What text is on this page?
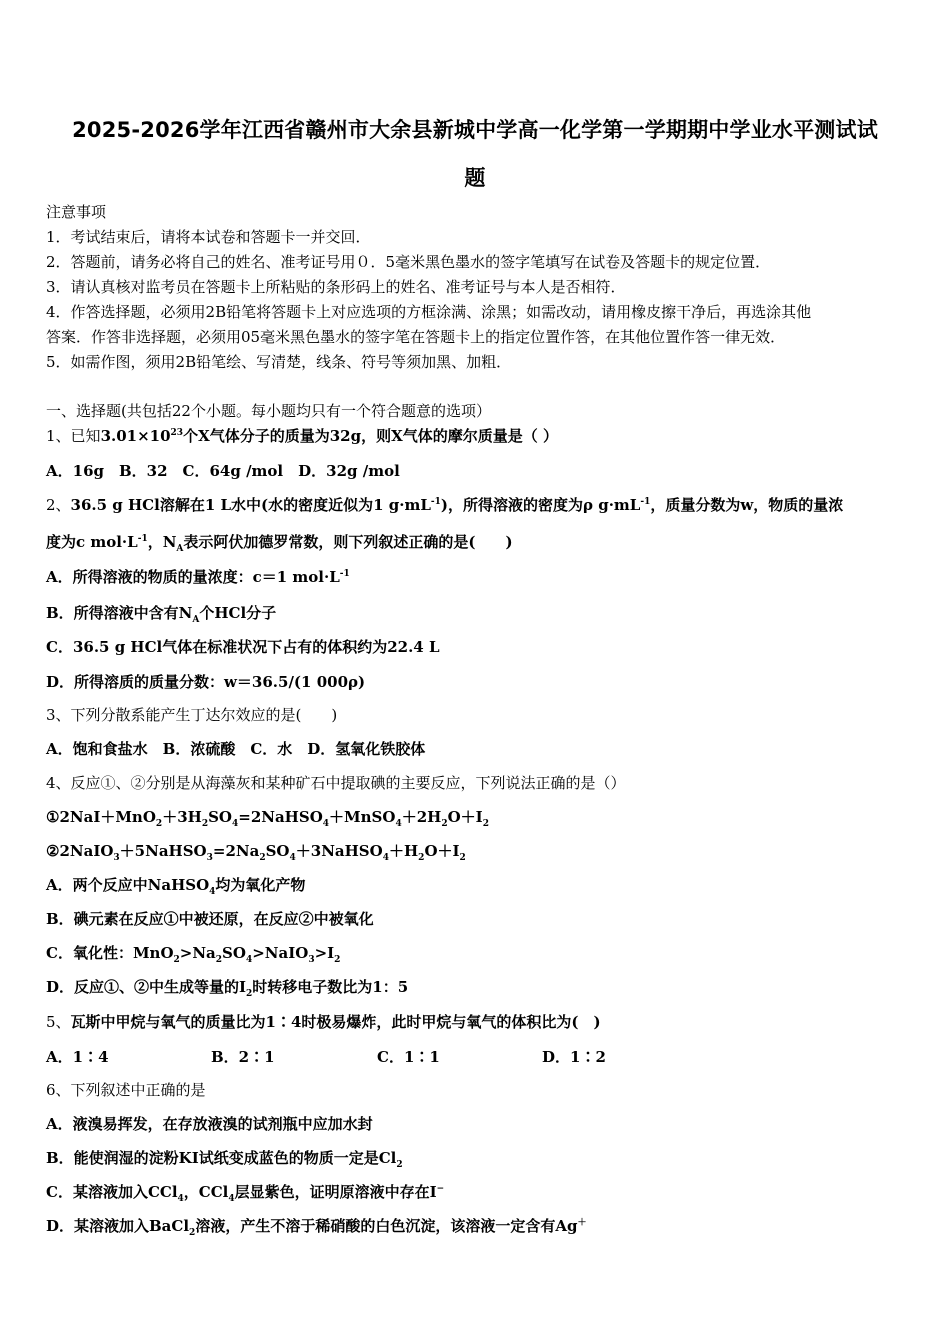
2025-2026学年江西省赣州市大余县新城中学高一化学第一学期期中学业水平测试试
题
注意事项
1．考试结束后，请将本试卷和答题卡一并交回．
2．答题前，请务必将自己的姓名、准考证号用０．5毫米黑色墨水的签字笔填写在试卷及答题卡的规定位置．
3．请认真核对监考员在答题卡上所粘贴的条形码上的姓名、准考证号与本人是否相符．
4．作答选择题，必须用2B铅笔将答题卡上对应选项的方框涂满、涂黑；如需改动，请用橡皮擦干净后，再选涂其他
答案．作答非选择题，必须用05毫米黑色墨水的签字笔在答题卡上的指定位置作答，在其他位置作答一律无效．
5．如需作图，须用2B铅笔绘、写清楚，线条、符号等须加黑、加粗．
一、选择题(共包括22个小题。每小题均只有一个符合题意的选项）
1、已知$3.01\times 10^{23}$个X气体分子的质量为32g，则X气体的摩尔质量是（ ）
A．16g　B．32　C．64g /mol　D．32g /mol
2、36.5 g HCl溶解在1 L水中(水的密度近似为1 $g\cdot mL^{-1}$)，所得溶液的密度为ρ $g\cdot mL^{-1}$，质量分数为w，物质的量浓
度为c $mol\cdot L^{-1}$，$N_A$表示阿伏加德罗常数，则下列叙述正确的是(　　)
A．所得溶液的物质的量浓度：c＝1 $mol\cdot L^{-1}$
B．所得溶液中含有$N_A$个HCl分子
C．36.5 g HCl气体在标准状况下占有的体积约为22.4 L
D．所得溶质的质量分数：w＝36.5/(1 000ρ)
3、下列分散系能产生丁达尔效应的是(　　)
A．饱和食盐水　B．浓硫酸　C．水　D．氢氧化铁胶体
4、反应①、②分别是从海藻灰和某种矿石中提取碘的主要反应，下列说法正确的是（）
$①2NaI+MnO_2+3H_2SO_4=2NaHSO_4+MnSO_4+2H_2O+I_2$
$②2NaIO_3+5NaHSO_3=2Na_2SO_4+3NaHSO_4+H_2O+I_2$
A．两个反应中NaHSO$_4$均为氧化产物
B．碘元素在反应①中被还原，在反应②中被氧化
C．氧化性：$MnO_2>Na_2SO_4>NaIO_3>I_2$
D．反应①、②中生成等量的$I_2$时转移电子数比为1：5
5、瓦斯中甲烷与氧气的质量比为1∶4时极易爆炸，此时甲烷与氧气的体积比为(　)
A．1∶4	B．2∶1	C．1∶1	D．1∶2
6、下列叙述中正确的是
A．液溴易挥发，在存放液溴的试剂瓶中应加水封
B．能使润湿的淀粉KI试纸变成蓝色的物质一定是$Cl_2$
C．某溶液加入CCl$_4$，CCl$_4$层显紫色，证明原溶液中存在I−
D．某溶液加入BaCl$_2$溶液，产生不溶于稀硝酸的白色沉淀，该溶液一定含有Ag＋
